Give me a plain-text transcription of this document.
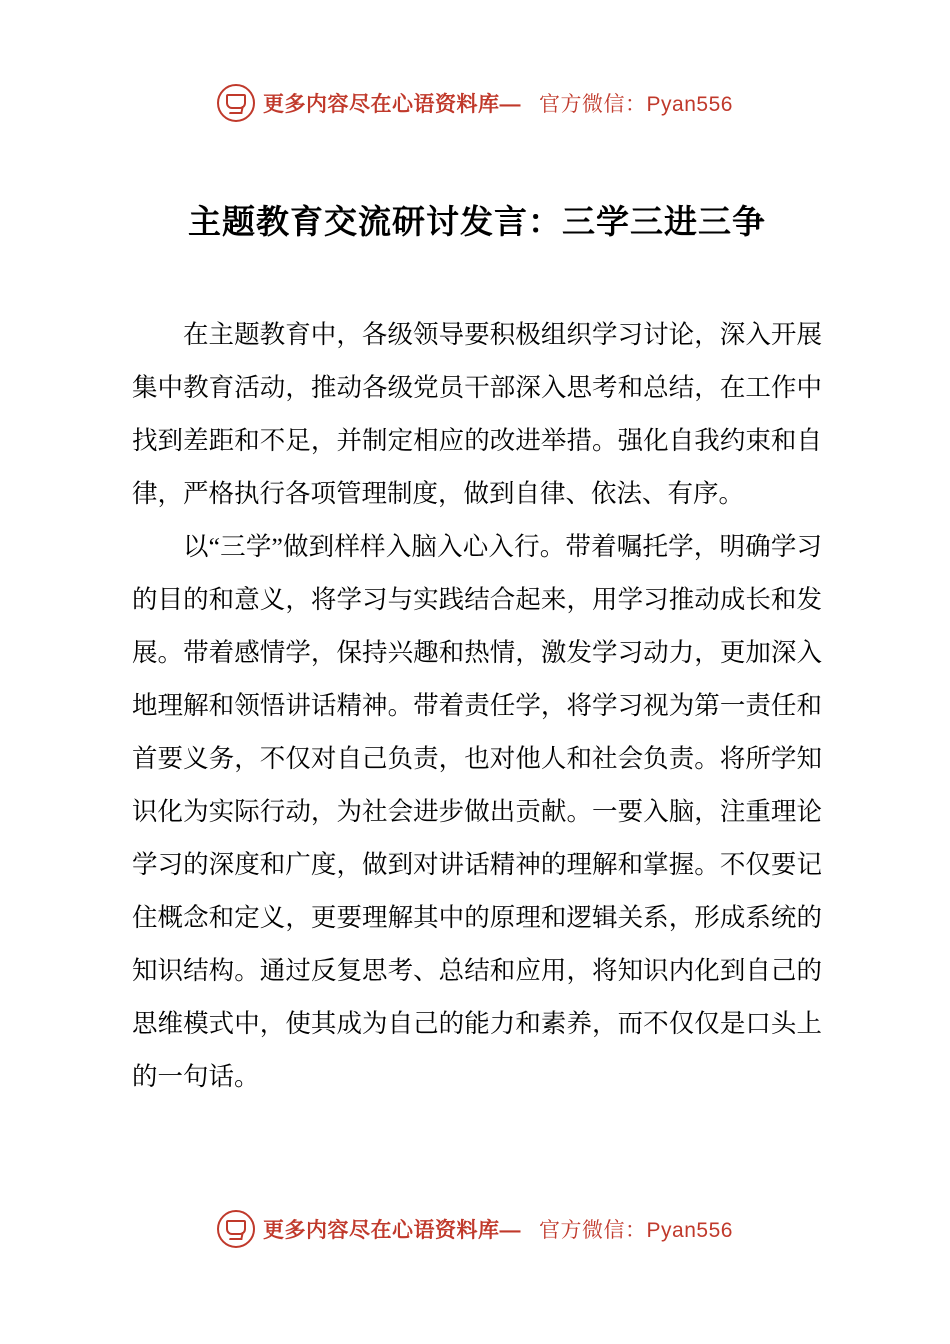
更多内容尽在心语资料库— 官方微信：Pyan556
主题教育交流研讨发言：三学三进三争

在主题教育中，各级领导要积极组织学习讨论，深入开展集中教育活动，推动各级党员干部深入思考和总结，在工作中找到差距和不足，并制定相应的改进举措。强化自我约束和自律，严格执行各项管理制度，做到自律、依法、有序。

以“三学”做到样样入脑入心入行。带着嘱托学，明确学习的目的和意义，将学习与实践结合起来，用学习推动成长和发展。带着感情学，保持兴趣和热情，激发学习动力，更加深入地理解和领悟讲话精神。带着责任学，将学习视为第一责任和首要义务，不仅对自己负责，也对他人和社会负责。将所学知识化为实际行动，为社会进步做出贡献。一要入脑，注重理论学习的深度和广度，做到对讲话精神的理解和掌握。不仅要记住概念和定义，更要理解其中的原理和逻辑关系，形成系统的知识结构。通过反复思考、总结和应用，将知识内化到自己的思维模式中，使其成为自己的能力和素养，而不仅仅是口头上的一句话。

更多内容尽在心语资料库— 官方微信：Pyan556
